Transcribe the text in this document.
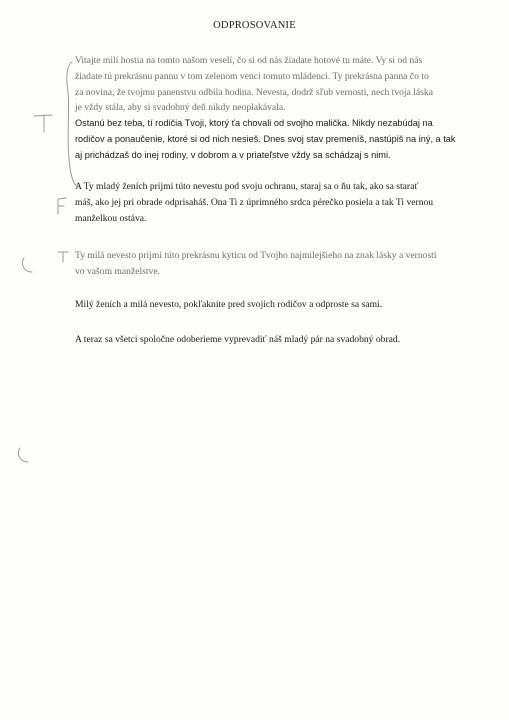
ODPROSOVANIE

Vitajte milí hostia na tomto našom veselí, čo si od nás žiadate hotové tu máte. Vy si od nás
žiadate tú prekrásnu pannu v tom zelenom venci tomuto mládenci. Ty prekrásna panna čo to
za novina, že tvojmu panenstvu odbila hodina. Nevesta, dodrž sľub vernosti, nech tvoja láska
je vždy stála, aby si svadobný deň nikdy neoplakávala.
Ostanú bez teba, tí rodičia Tvoji, ktorý ťa chovali od svojho malička. Nikdy nezabúdaj na
rodičov a ponaučenie, ktoré si od nich nesieš. Dnes svoj stav premeníš, nastúpiš na iný, a tak
aj prichádzaš do inej rodiny, v dobrom a v priateľstve vždy sa schádzaj s nimi.

A Ty mladý ženích prijmi túto nevestu pod svoju ochranu, staraj sa o ňu tak, ako sa starať
máš, ako jej pri obrade odprisaháš. Ona Ti z úprimného srdca pérečko posiela a tak Ti vernou
manželkou ostáva.

Ty milá nevesto prijmi túto prekrásnu kyticu od Tvojho najmilejšieho na znak lásky a vernosti
vo vašom manželstve.

Milý ženích a milá nevesto, pokľaknite pred svojich rodičov a odproste sa sami.

A teraz sa všetci spoločne odoberieme vyprevadiť náš mladý pár na svadobný obrad.
